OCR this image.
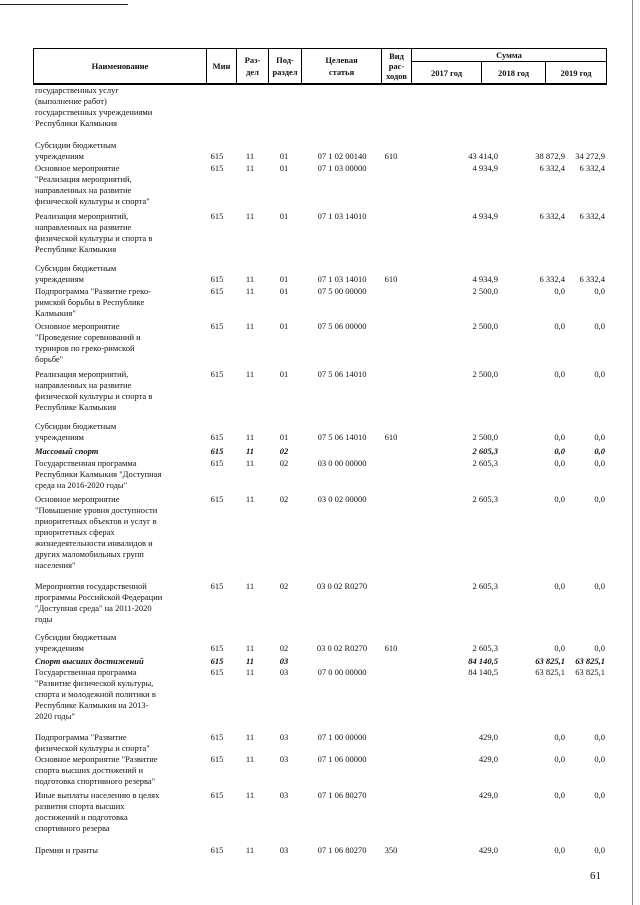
Наименование	Мин
Раз-
дел
Под-
раздел
Целевая
статья
Вид
рас-
ходов
Сумма
2017 год	2018 год	2019 год
государственных услуг
(выполнение работ)
государственных учреждениями
Республики Калмыкия
Субсидии бюджетным
учреждениям	615	11	01	07 1 02 00140	610	43 414,0	38 872,9	34 272,9
Основное мероприятие
"Реализация мероприятий,
направленных на развитие
физической культуры и спорта"
615	11	01	07 1 03 00000	4 934,9	6 332,4	6 332,4
Реализация мероприятий,
направленных на развитие
физической культуры и спорта в
Республике Калмыкия
615	11	01	07 1 03 14010	4 934,9	6 332,4	6 332,4
Субсидии бюджетным
учреждениям	615	11	01	07 1 03 14010	610	4 934,9	6 332,4	6 332,4
Подпрограмма "Развитие греко-
римской борьбы в Республике
Калмыкия"
615	11	01	07 5 00 00000	2 500,0	0,0	0,0
Основное мероприятие
"Проведение соревнований и
турниров по греко-римской
борьбе"
615	11	01	07 5 06 00000	2 500,0	0,0	0,0
Реализация мероприятий,
направленных на развитие
физической культуры и спорта в
Республике Калмыкия
615	11	01	07 5 06 14010	2 500,0	0,0	0,0
Субсидии бюджетным
учреждениям	615	11	01	07 5 06 14010	610	2 500,0	0,0	0,0
Массовый спорт	615	11	02	2 605,3	0,0	0,0
Государственная программа
Республики Калмыкия "Доступная
среда на 2016-2020 годы"
615	11	02	03 0 00 00000	2 605,3	0,0	0,0
Основное мероприятие
"Повышение уровня доступности
приоритетных объектов и услуг в
приоритетных сферах
жизнедеятельности инвалидов и
других маломобильных групп
населения"
615	11	02	03 0 02 00000	2 605,3	0,0	0,0
Мероприятия государственной
программы Российской Федерации
"Доступная среда" на 2011-2020
годы
615	11	02	03 0 02 R0270	2 605,3	0,0	0,0
Субсидии бюджетным
учреждениям	615	11	02	03 0 02 R0270	610	2 605,3	0,0	0,0
Спорт высших достижений	615	11	03	84 140,5	63 825,1	63 825,1
Государственная программа
"Развитие физической культуры,
спорта и молодежной политики в
Республике Калмыкия на 2013-
2020 годы"
615	11	03	07 0 00 00000	84 140,5	63 825,1	63 825,1
Подпрограмма "Развитие
физической культуры и спорта"
615	11	03	07 1 00 00000	429,0	0,0	0,0
Основное мероприятие "Развитие
спорта высших достижений и
подготовка спортивного резерва"
615	11	03	07 1 06 00000	429,0	0,0	0,0
Иные выплаты населению в целях
развития спорта высших
достижений и подготовка
спортивного резерва
615	11	03	07 1 06 80270	429,0	0,0	0,0
Премии и гранты	615	11	03	07 1 06 80270	350	429,0	0,0	0,0
61
